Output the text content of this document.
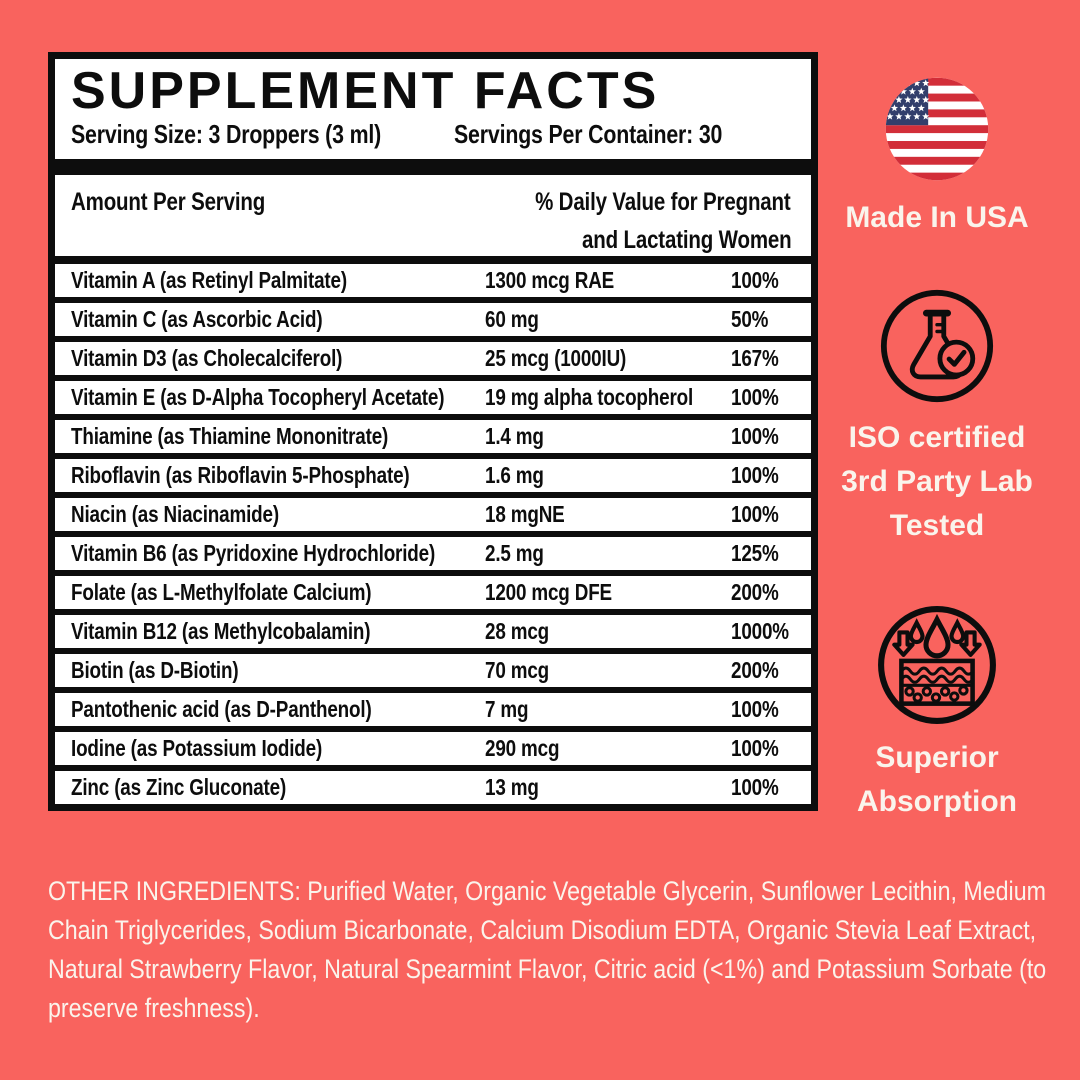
SUPPLEMENT FACTS
Serving Size: 3 Droppers (3 ml)	Servings Per Container: 30
Amount Per Serving	% Daily Value for Pregnant
and Lactating Women
Vitamin A (as Retinyl Palmitate)	1300 mcg RAE	100%
Vitamin C (as Ascorbic Acid)	60 mg	50%
Vitamin D3 (as Cholecalciferol)	25 mcg (1000IU)	167%
Vitamin E (as D-Alpha Tocopheryl Acetate)	19 mg alpha tocopherol	100%
Thiamine (as Thiamine Mononitrate)	1.4 mg	100%
Riboflavin (as Riboflavin 5-Phosphate)	1.6 mg	100%
Niacin (as Niacinamide)	18 mgNE	100%
Vitamin B6 (as Pyridoxine Hydrochloride)	2.5 mg	125%
Folate (as L-Methylfolate Calcium)	1200 mcg DFE	200%
Vitamin B12 (as Methylcobalamin)	28 mcg	1000%
Biotin (as D-Biotin)	70 mcg	200%
Pantothenic acid (as D-Panthenol)	7 mg	100%
Iodine (as Potassium Iodide)	290 mcg	100%
Zinc (as Zinc Gluconate)	13 mg	100%
Made In USA
ISO certified
3rd Party Lab
Tested
Superior
Absorption

OTHER INGREDIENTS: Purified Water, Organic Vegetable Glycerin, Sunflower Lecithin, Medium Chain Triglycerides, Sodium Bicarbonate, Calcium Disodium EDTA, Organic Stevia Leaf Extract, Natural Strawberry Flavor, Natural Spearmint Flavor, Citric acid (<1%) and Potassium Sorbate (to preserve freshness).
